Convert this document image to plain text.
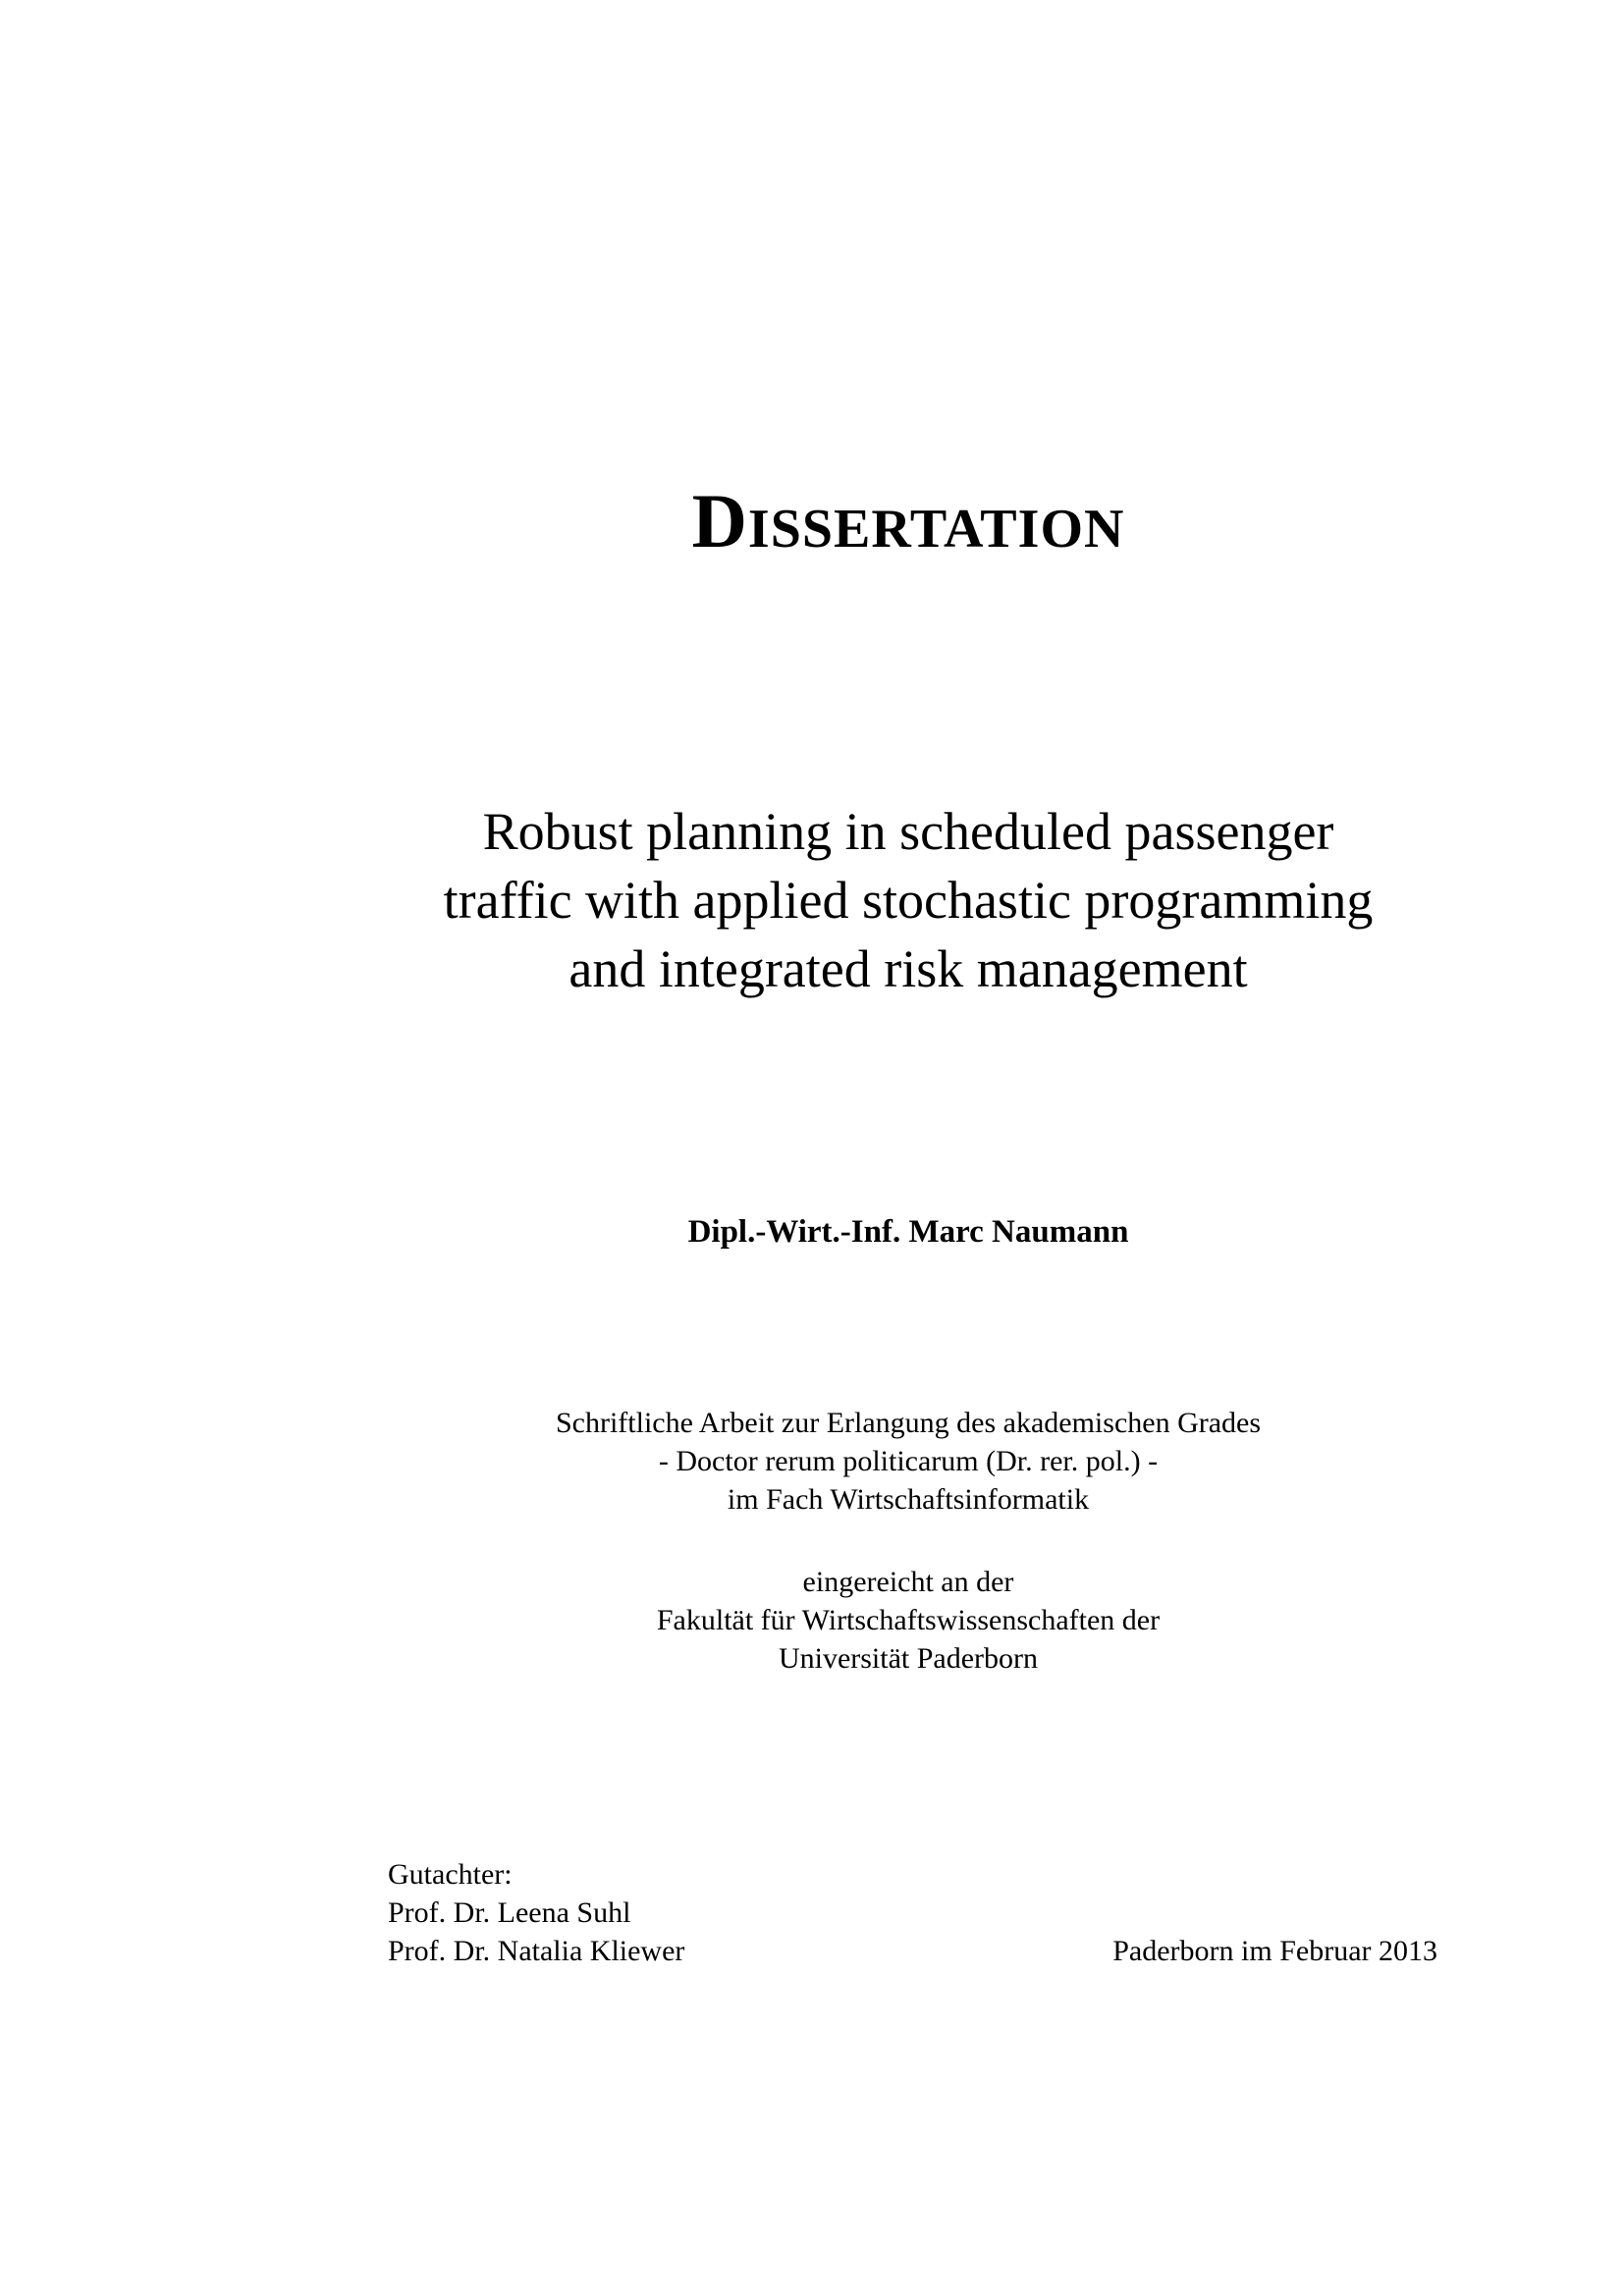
DISSERTATION
Robust planning in scheduled passenger
traffic with applied stochastic programming
and integrated risk management
Dipl.-Wirt.-Inf. Marc Naumann
Schriftliche Arbeit zur Erlangung des akademischen Grades
- Doctor rerum politicarum (Dr. rer. pol.) -
im Fach Wirtschaftsinformatik
eingereicht an der
Fakultät für Wirtschaftswissenschaften der
Universität Paderborn
Gutachter:
Prof. Dr. Leena Suhl
Prof. Dr. Natalia Kliewer	Paderborn im Februar 2013
